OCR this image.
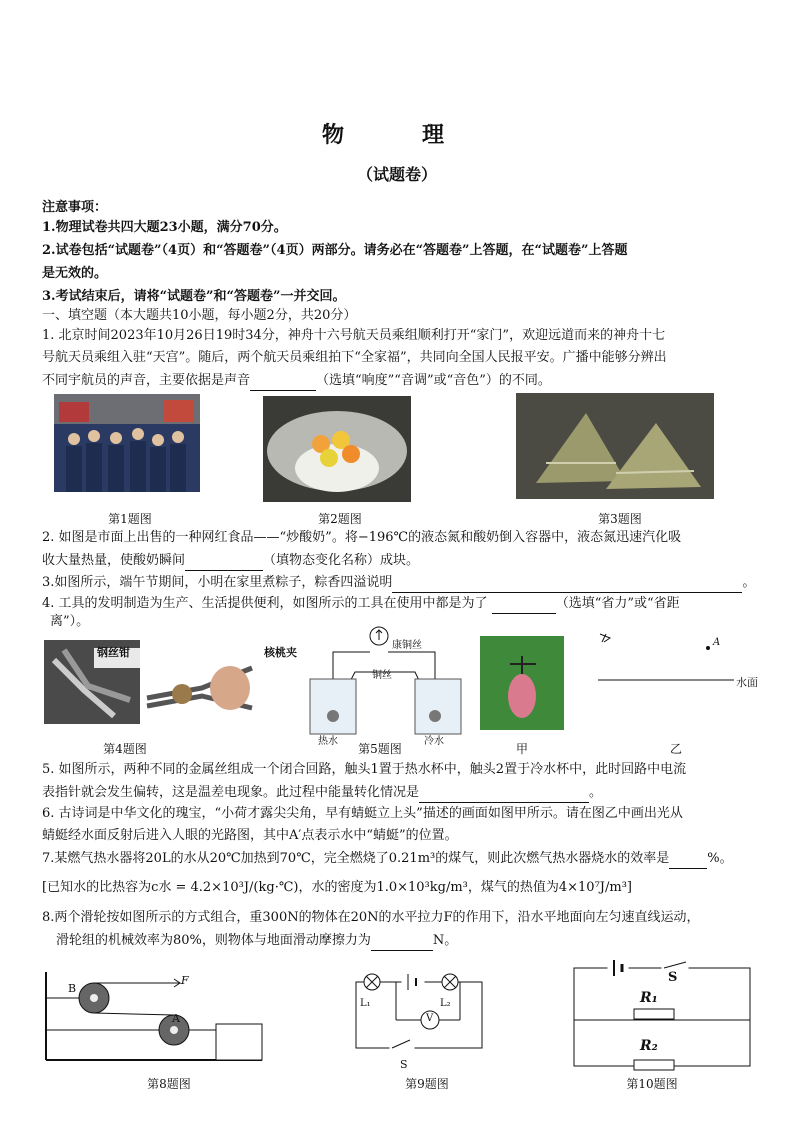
物　理
（试题卷）
注意事项：
1.物理试卷共四大题23小题，满分70分。
2.试卷包括“试题卷”（4页）和“答题卷”（4页）两部分。请务必在“答题卷”上答题，在“试题卷”上答题
是无效的。
3.考试结束后，请将“试题卷”和“答题卷”一并交回。
一、填空题（本大题共10小题，每小题2分，共20分）
1. 北京时间2023年10月26日19时34分，神舟十六号航天员乘组顺利打开“家门”，欢迎远道而来的神舟十七
号航天员乘组入驻“天宫”。随后，两个航天员乘组拍下“全家福”，共同向全国人民报平安。广播中能够分辨出
不同宇航员的声音，主要依据是声音	（选填“响度”“音调”或“音色”）的不同。
第1题图	第2题图	第3题图
2. 如图是市面上出售的一种网红食品——“炒酸奶”。将−196℃的液态氮和酸奶倒入容器中，液态氮迅速汽化吸
收大量热量，使酸奶瞬间	（填物态变化名称）成块。
3.如图所示，端午节期间，小明在家里煮粽子，粽香四溢说明	。
4. 工具的发明制造为生产、生活提供便利，如图所示的工具在使用中都是为了	（选填“省力”或“省距
离”）。
钢丝钳	核桃夹
第4题图
康铜丝
铜丝
热水	冷水
第5题图	甲
A
水面
乙
5. 如图所示，两种不同的金属丝组成一个闭合回路，触头1置于热水杯中，触头2置于冷水杯中，此时回路中电流
表指针就会发生偏转，这是温差电现象。此过程中能量转化情况是	。
6. 古诗词是中华文化的瑰宝，“小荷才露尖尖角，早有蜻蜓立上头”描述的画面如图甲所示。请在图乙中画出光从
蜻蜓经水面反射后进入人眼的光路图，其中A′点表示水中“蜻蜓”的位置。
7.某燃气热水器将20L的水从20℃加热到70℃，完全燃烧了0.21m³的煤气，则此次燃气热水器烧水的效率是	%。
[已知水的比热容为c水 = 4.2×10³J/(kg·℃)，水的密度为1.0×10³kg/m³，煤气的热值为4×10⁷J/m³]
8.两个滑轮按如图所示的方式组合，重300N的物体在20N的水平拉力F的作用下，沿水平地面向左匀速直线运动，
滑轮组的机械效率为80%，则物体与地面滑动摩擦力为	N。
B
F
A
第8题图
L₁	L₂
V
S
第9题图
S
R₁
R₂
第10题图
